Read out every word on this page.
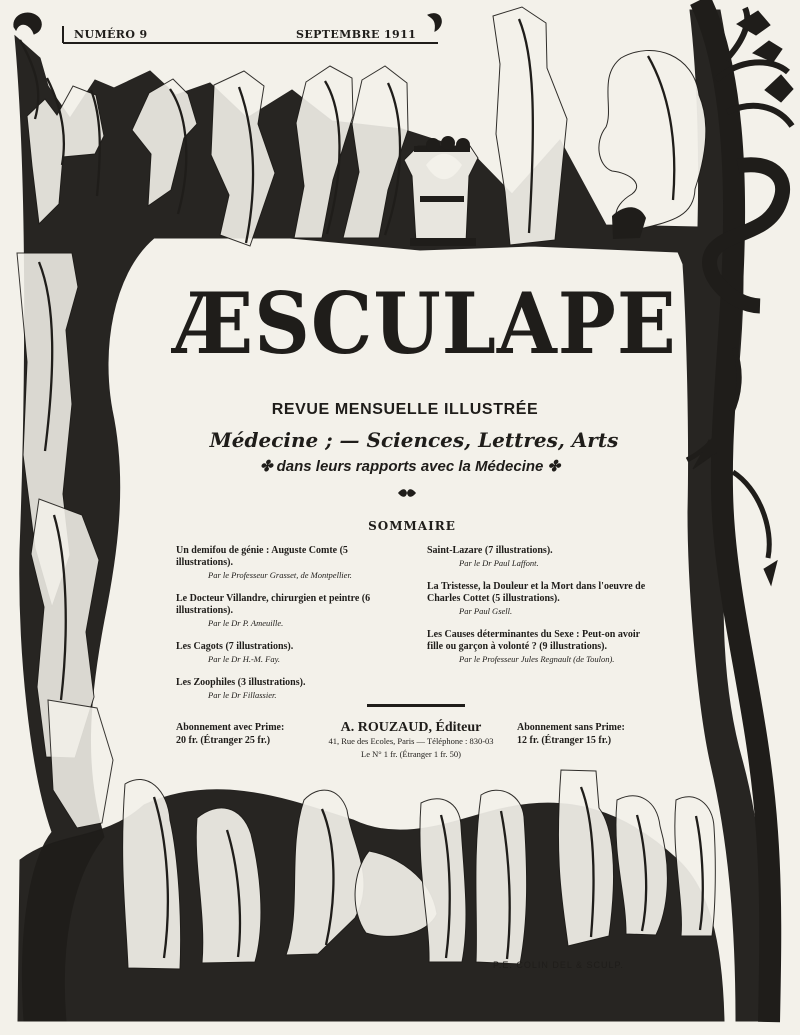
NUMÉRO 9	SEPTEMBRE 1911
ÆSCULAPE
REVUE MENSUELLE ILLUSTRÉE
Médecine ; — Sciences, Lettres, Arts
✤ dans leurs rapports avec la Médecine ✤
SOMMAIRE
Un demifou de génie : Auguste Comte (5 illustrations).
Par le Professeur Grasset, de Montpellier.
Le Docteur Villandre, chirurgien et peintre (6 illustrations).
Par le Dr P. Ameuille.
Les Cagots (7 illustrations).
Par le Dr H.-M. Fay.
Les Zoophiles (3 illustrations).
Par le Dr Fillassier.
Saint-Lazare (7 illustrations).
Par le Dr Paul Laffont.
La Tristesse, la Douleur et la Mort dans l'oeuvre de Charles Cottet (5 illustrations).
Par Paul Gsell.
Les Causes déterminantes du Sexe : Peut-on avoir fille ou garçon à volonté ? (9 illustrations).
Par le Professeur Jules Regnault (de Toulon).
Abonnement avec Prime:
20 fr. (Étranger 25 fr.)
A. ROUZAUD, Éditeur
41, Rue des Ecoles, Paris — Téléphone : 830-03
Le N° 1 fr. (Étranger 1 fr. 50)
Abonnement sans Prime:
12 fr. (Étranger 15 fr.)
P.E. COLIN DEL & SCULP.
